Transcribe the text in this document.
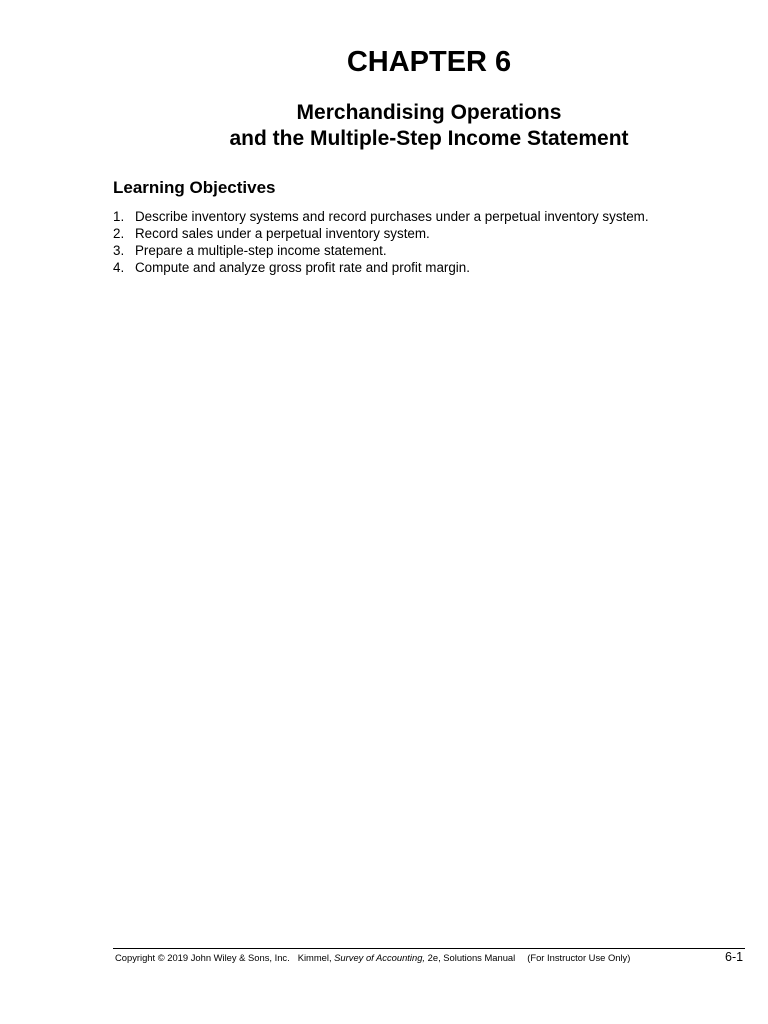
CHAPTER 6
Merchandising Operations
and the Multiple-Step Income Statement
Learning Objectives
1. Describe inventory systems and record purchases under a perpetual inventory system.
2. Record sales under a perpetual inventory system.
3. Prepare a multiple-step income statement.
4. Compute and analyze gross profit rate and profit margin.
Copyright © 2019 John Wiley & Sons, Inc. Kimmel, Survey of Accounting, 2e, Solutions Manual (For Instructor Use Only)	6-1
